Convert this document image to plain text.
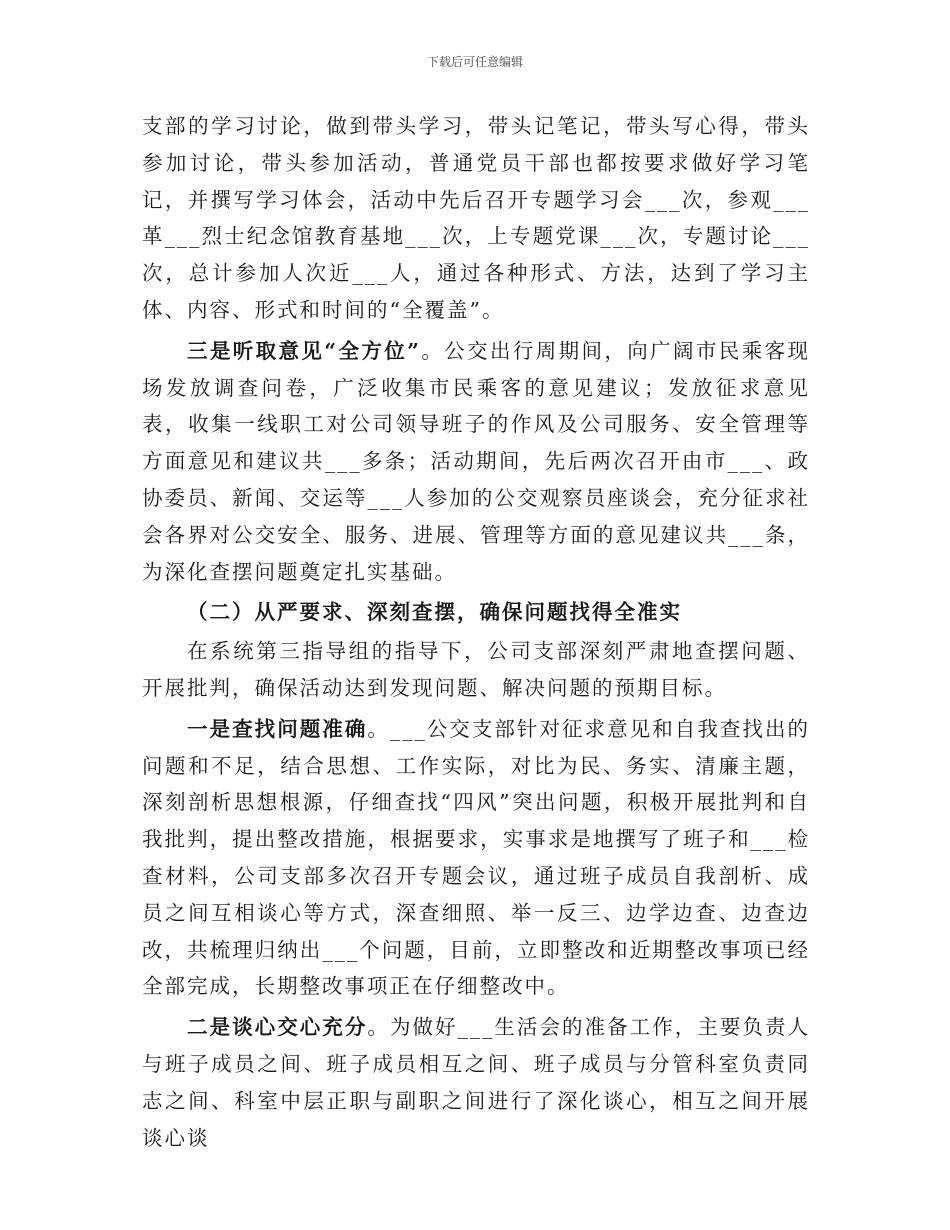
下载后可任意编辑

支部的学习讨论，做到带头学习，带头记笔记，带头写心得，带头参加讨论，带头参加活动，普通党员干部也都按要求做好学习笔记，并撰写学习体会，活动中先后召开专题学习会___次，参观___革___烈士纪念馆教育基地___次，上专题党课___次，专题讨论___次，总计参加人次近___人，通过各种形式、方法，达到了学习主体、内容、形式和时间的“全覆盖”。

三是听取意见“全方位”。公交出行周期间，向广阔市民乘客现场发放调查问卷，广泛收集市民乘客的意见建议；发放征求意见表，收集一线职工对公司领导班子的作风及公司服务、安全管理等方面意见和建议共___多条；活动期间，先后两次召开由市___、政协委员、新闻、交运等___人参加的公交观察员座谈会，充分征求社会各界对公交安全、服务、进展、管理等方面的意见建议共___条，为深化查摆问题奠定扎实基础。

（二）从严要求、深刻查摆，确保问题找得全准实

在系统第三指导组的指导下，公司支部深刻严肃地查摆问题、开展批判，确保活动达到发现问题、解决问题的预期目标。

一是查找问题准确。___公交支部针对征求意见和自我查找出的问题和不足，结合思想、工作实际，对比为民、务实、清廉主题，深刻剖析思想根源，仔细查找“四风”突出问题，积极开展批判和自我批判，提出整改措施，根据要求，实事求是地撰写了班子和___检查材料，公司支部多次召开专题会议，通过班子成员自我剖析、成员之间互相谈心等方式，深查细照、举一反三、边学边查、边查边改，共梳理归纳出___个问题，目前，立即整改和近期整改事项已经全部完成，长期整改事项正在仔细整改中。

二是谈心交心充分。为做好___生活会的准备工作，主要负责人与班子成员之间、班子成员相互之间、班子成员与分管科室负责同志之间、科室中层正职与副职之间进行了深化谈心，相互之间开展谈心谈
